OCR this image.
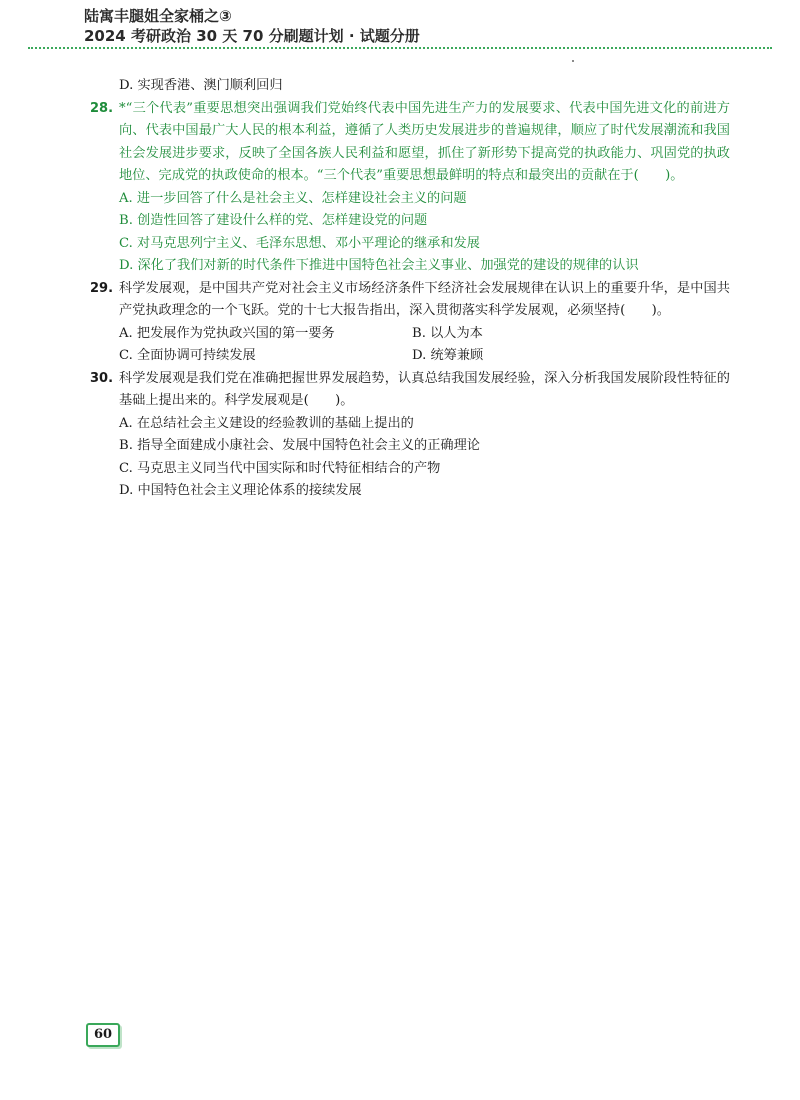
陆寓丰腿姐全家桶之③
2024 考研政治 30 天 70 分刷题计划 · 试题分册
D. 实现香港、澳门顺利回归
28. *“三个代表”重要思想突出强调我们党始终代表中国先进生产力的发展要求、代表中国先进文化的前进方向、代表中国最广大人民的根本利益，遵循了人类历史发展进步的普遍规律，顺应了时代发展潮流和我国社会发展进步要求，反映了全国各族人民利益和愿望，抓住了新形势下提高党的执政能力、巩固党的执政地位、完成党的执政使命的根本。“三个代表”重要思想最鲜明的特点和最突出的贡献在于(　　)。
A. 进一步回答了什么是社会主义、怎样建设社会主义的问题
B. 创造性回答了建设什么样的党、怎样建设党的问题
C. 对马克思列宁主义、毛泽东思想、邓小平理论的继承和发展
D. 深化了我们对新的时代条件下推进中国特色社会主义事业、加强党的建设的规律的认识
29. 科学发展观，是中国共产党对社会主义市场经济条件下经济社会发展规律在认识上的重要升华，是中国共产党执政理念的一个飞跃。党的十七大报告指出，深入贯彻落实科学发展观，必须坚持(　　)。
A. 把发展作为党执政兴国的第一要务	B. 以人为本
C. 全面协调可持续发展	D. 统筹兼顾
30. 科学发展观是我们党在准确把握世界发展趋势，认真总结我国发展经验，深入分析我国发展阶段性特征的基础上提出来的。科学发展观是(　　)。
A. 在总结社会主义建设的经验教训的基础上提出的
B. 指导全面建成小康社会、发展中国特色社会主义的正确理论
C. 马克思主义同当代中国实际和时代特征相结合的产物
D. 中国特色社会主义理论体系的接续发展
60
